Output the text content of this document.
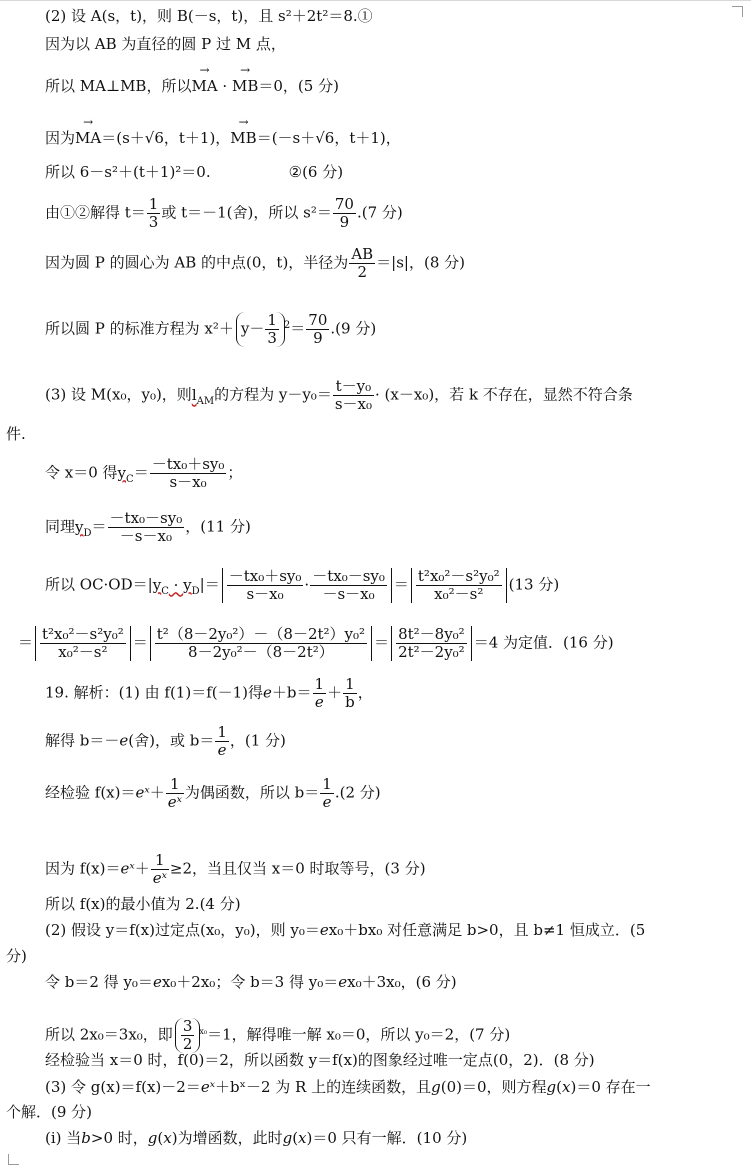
(2) 设 A(s，t)，则 B(－s，t)，且 s²＋2t²＝8.①
因为以 AB 为直径的圆 P 过 M 点，
所以 MA⊥MB，所以→ MA · → MB＝0，(5 分)
因为→ MA＝(s＋√6，t＋1)，→ MB＝(－s＋√6，t＋1)，
所以 6－s²＋(t＋1)²＝0.	②(6 分)
由①②解得 $t= \frac{1}{3}$ 或 t＝－1(舍)，所以 $s^2= \frac{70}{9} .(7$ 分)
因为圆 P 的圆心为 AB 的中点(0，t)，半径为 $\frac{AB}{2} =|s|$，(8 分)
所以圆 P 的标准方程为 $x^2+ y- \frac{1}{3} ^2= \frac{70}{9} .(9$ 分)
(3) 设 M(x₀，y₀)，则$l_{AM}$的方程为 $y-y_0= \frac{\text{t－y₀}}{\text{s－x₀}} \cdot (x-x_0)$，若 k 不存在，显然不符合条
件.
令 x＝0 得$y_C= \frac{\text{－tx₀＋sy₀}}{\text{s－x₀}}$ ；
同理$y_D= \frac{\text{－tx₀－sy₀}}{\text{－s－x₀}}$ ，(11 分)
所以 $OC\cdot OD=|y_C \cdot y_D|= \frac{\text{－tx₀＋sy₀}}{\text{s－x₀}} \cdot \frac{\text{－tx₀－sy₀}}{\text{－s－x₀}} = \frac{\text{t²x₀²－s²y₀²}}{\text{x₀²－s²}} (13$ 分)
＝ $\frac{\text{t²x₀²－s²y₀²}}{\text{x₀²－s²}} = \frac{\text{t²（8－2y₀²）－（8－2t²）y₀²}}{\text{8－2y₀²－（8－2t²）}} = \frac{\text{8t²－8y₀²}}{\text{2t²－2y₀²}} =4$ 为定值．(16 分)
19. 解析：(1) 由 f(1)＝f(－1)得$e+b= \frac{1}{e} + \frac{1}{b}$ ，
解得 b＝－e(舍)，或 $b= \frac{1}{e}$ ，(1 分)
经检验 f(x)＝eˣ＋ $\frac{1}{\text{eˣ}}$ 为偶函数，所以 $b= \frac{1}{e} .(2$ 分)
因为 f(x)＝eˣ＋ $\frac{1}{\text{eˣ}} \ge 2$，当且仅当 x＝0 时取等号，(3 分)
所以 f(x)的最小值为 2.(4 分)
(2) 假设 y＝f(x)过定点(x₀，y₀)，则 y₀＝ex₀＋bx₀ 对任意满足 b>0，且 b≠1 恒成立．(5
分)
令 b＝2 得 y₀＝ex₀＋2x₀；令 b＝3 得 y₀＝ex₀＋3x₀，(6 分)
所以 2x₀＝3x₀，即 $\frac{3}{2} ^{x_0}=1$，解得唯一解 x₀＝0，所以 y₀＝2，(7 分)
经检验当 x＝0 时，f(0)＝2，所以函数 y＝f(x)的图象经过唯一定点(0，2)．(8 分)
(3) 令 g(x)＝f(x)－2＝eˣ＋bˣ－2 为 R 上的连续函数，且g(0)＝0，则方程g(x)＝0 存在一
个解．(9 分)
(i) 当b>0 时，g(x)为增函数，此时g(x)＝0 只有一解．(10 分)
